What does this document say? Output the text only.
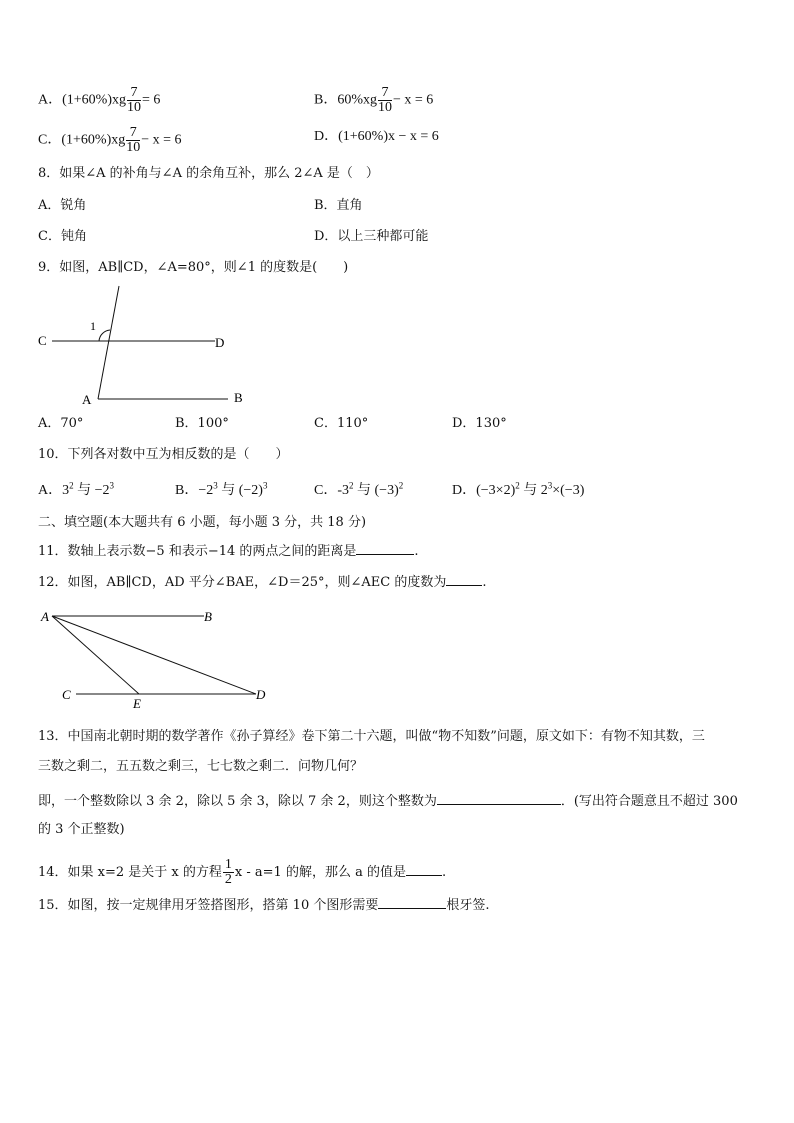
A．$(1+60\%)xg \frac{7}{10} = 6$	B．$60\%xg \frac{7}{10} - x = 6$
C．$(1+60\%)xg \frac{7}{10} - x = 6$	D．(1+60%)x − x = 6
8．如果∠A 的补角与∠A 的余角互补，那么 2∠A 是（　）
A．锐角	B．直角
C．钝角	D．以上三种都可能
9．如图，AB∥CD，∠A=80°，则∠1 的度数是(　　)
1
C	D
A	B
A．70°	B．100°	C．110°	D．130°
10．下列各对数中互为相反数的是（　　）
A．$3^2$ 与 $-2^3$	B．$-2^3$ 与 $(-2)^3$	C．$-3^2$ 与 $(-3)^2$	D．$(-3\times 2)^2$ 与 $2^3\times(-3)$
二、填空题(本大题共有 6 小题，每小题 3 分，共 18 分)
11．数轴上表示数−5 和表示−14 的两点之间的距离是	.
12．如图，AB∥CD，AD 平分∠BAE，∠D＝25°，则∠AEC 的度数为	.
A	B
C
E
D
13．中国南北朝时期的数学著作《孙子算经》卷下第二十六题，叫做“物不知数”问题，原文如下：有物不知其数，三
三数之剩二，五五数之剩三，七七数之剩二．问物几何？
即，一个整数除以 3 余 2，除以 5 余 3，除以 7 余 2，则这个整数为	．(写出符合题意且不超过 300
的 3 个正整数)
14．如果 x=2 是关于 x 的方程 $\frac{1}{2}$ x - a=1 的解，那么 a 的值是	.
15．如图，按一定规律用牙签搭图形，搭第 10 个图形需要	根牙签.
